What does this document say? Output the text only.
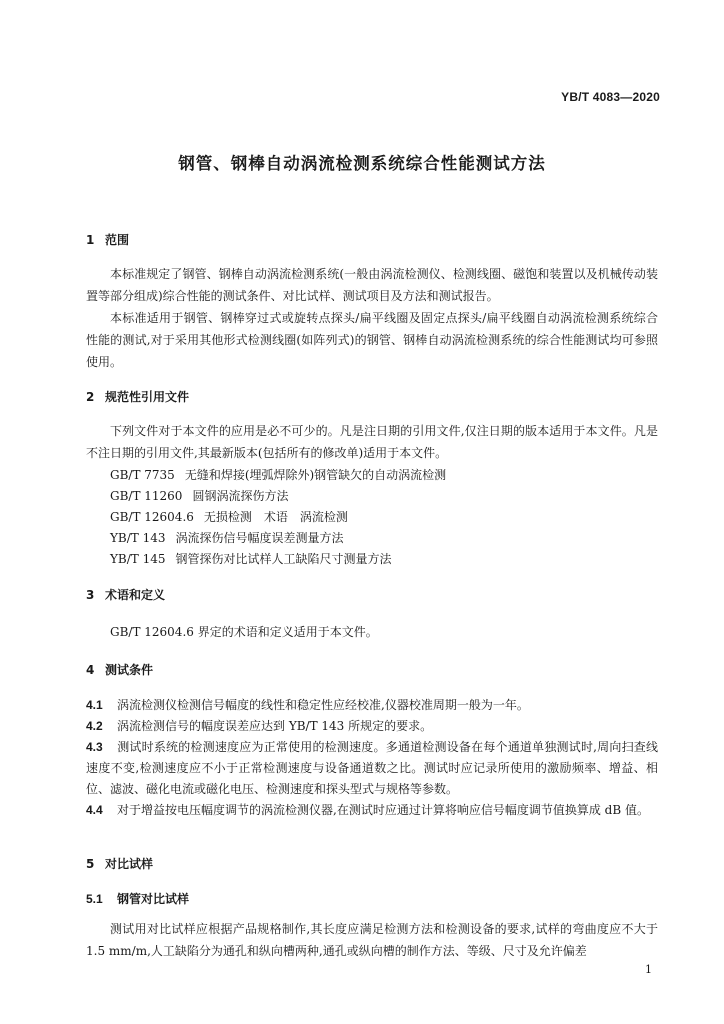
YB/T 4083—2020
钢管、钢棒自动涡流检测系统综合性能测试方法
1 范围
本标准规定了钢管、钢棒自动涡流检测系统(一般由涡流检测仪、检测线圈、磁饱和装置以及机械传动装置等部分组成)综合性能的测试条件、对比试样、测试项目及方法和测试报告。
本标准适用于钢管、钢棒穿过式或旋转点探头/扁平线圈及固定点探头/扁平线圈自动涡流检测系统综合性能的测试,对于采用其他形式检测线圈(如阵列式)的钢管、钢棒自动涡流检测系统的综合性能测试均可参照使用。
2 规范性引用文件
下列文件对于本文件的应用是必不可少的。凡是注日期的引用文件,仅注日期的版本适用于本文件。凡是不注日期的引用文件,其最新版本(包括所有的修改单)适用于本文件。
GB/T 7735 无缝和焊接(埋弧焊除外)钢管缺欠的自动涡流检测
GB/T 11260 圆钢涡流探伤方法
GB/T 12604.6 无损检测　术语　涡流检测
YB/T 143 涡流探伤信号幅度误差测量方法
YB/T 145 钢管探伤对比试样人工缺陷尺寸测量方法
3 术语和定义
GB/T 12604.6 界定的术语和定义适用于本文件。
4 测试条件
4.1 涡流检测仪检测信号幅度的线性和稳定性应经校准,仪器校准周期一般为一年。
4.2 涡流检测信号的幅度误差应达到 YB/T 143 所规定的要求。
4.3 测试时系统的检测速度应为正常使用的检测速度。多通道检测设备在每个通道单独测试时,周向扫查线速度不变,检测速度应不小于正常检测速度与设备通道数之比。测试时应记录所使用的激励频率、增益、相位、滤波、磁化电流或磁化电压、检测速度和探头型式与规格等参数。
4.4 对于增益按电压幅度调节的涡流检测仪器,在测试时应通过计算将响应信号幅度调节值换算成 dB 值。
5 对比试样
5.1 钢管对比试样
测试用对比试样应根据产品规格制作,其长度应满足检测方法和检测设备的要求,试样的弯曲度应不大于 1.5 mm/m,人工缺陷分为通孔和纵向槽两种,通孔或纵向槽的制作方法、等级、尺寸及允许偏差
1
